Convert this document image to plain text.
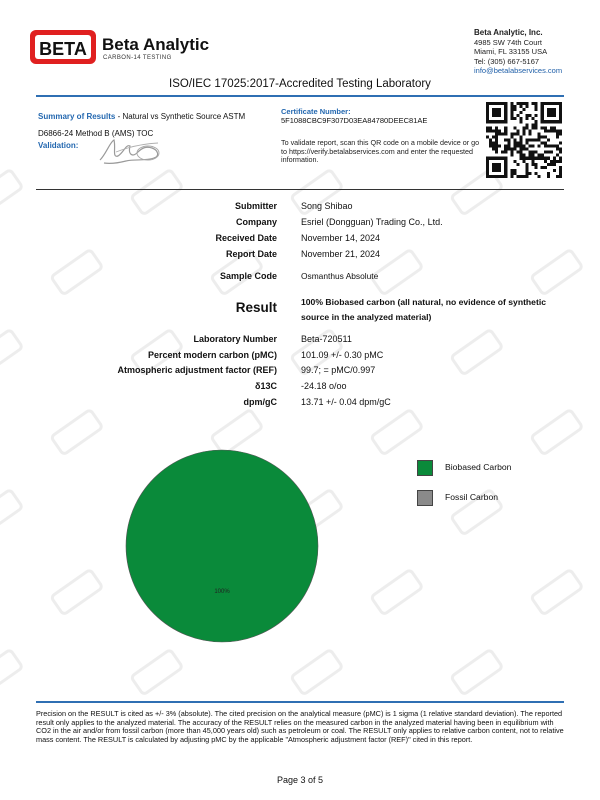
BETA Beta Analytic
CARBON-14 TESTING
Beta Analytic, Inc.
4985 SW 74th Court
Miami, FL 33155 USA
Tel: (305) 667-5167
info@betalabservices.com
ISO/IEC 17025:2017-Accredited Testing Laboratory
Summary of Results - Natural vs Synthetic Source ASTM
D6866-24 Method B (AMS) TOC
Validation:
Certificate Number:
5F1088CBC9F307D03EA84780DEEC81AE
To validate report, scan this QR code on a mobile device or go to https://verify.betalabservices.com and enter the requested information.
Submitter	Song Shibao
Company	Esriel (Dongguan) Trading Co., Ltd.
Received Date	November 14, 2024
Report Date	November 21, 2024
Sample Code	Osmanthus Absolute
Result	100% Biobased carbon (all natural, no evidence of synthetic source in the analyzed material)
Laboratory Number	Beta-720511
Percent modern carbon (pMC)	101.09 +/- 0.30 pMC
Atmospheric adjustment factor (REF)	99.7; = pMC/0.997
δ13C	-24.18 o/oo
dpm/gC	13.71 +/- 0.04 dpm/gC
100%
Biobased Carbon
Fossil Carbon
Precision on the RESULT is cited as +/- 3% (absolute). The cited precision on the analytical measure (pMC) is 1 sigma (1 relative standard deviation). The reported result only applies to the analyzed material. The accuracy of the RESULT relies on the measured carbon in the analyzed material having been in equilibrium with CO2 in the air and/or from fossil carbon (more than 45,000 years old) such as petroleum or coal. The RESULT only applies to relative carbon content, not to relative mass content. The RESULT is calculated by adjusting pMC by the applicable "Atmospheric adjustment factor (REF)" cited in this report.
Page 3 of 5
